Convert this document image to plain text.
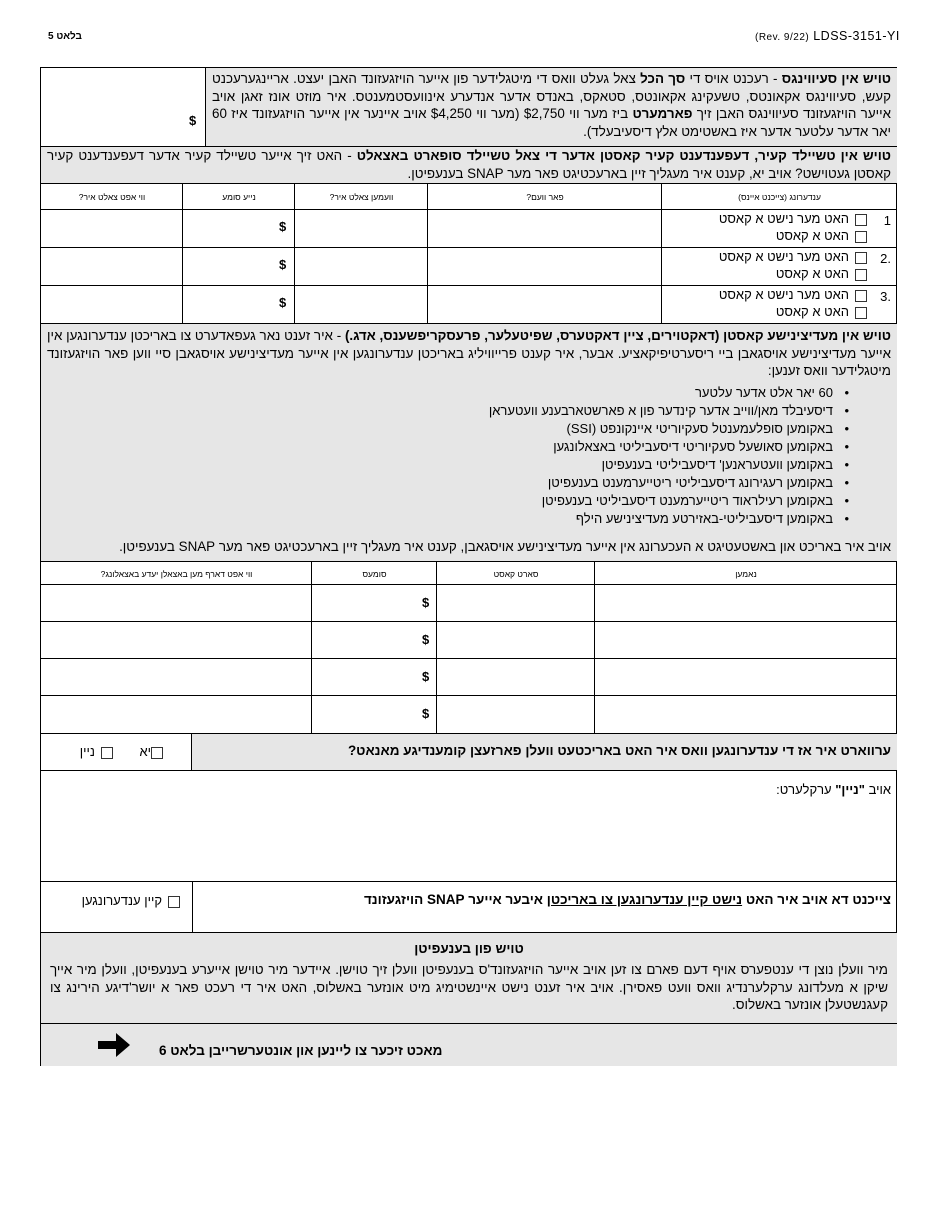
(Rev. 9/22) LDSS-3151-YI
בלאט 5
טויש אין סעיווינגס - רעכנט אויס די סך הכל צאל געלט וואס די מיטגלידער פון אייער הויזגעזונד האבן יעצט. אריינגערעכנט קעש, סעיווינגס אקאונטס, טשעקינג אקאונטס, סטאקס, באנדס אדער אנדערע אינוועסטמענטס. איר מוזט אונז זאגן אויב אייער הויזגעזונד סעיווינגס האבן זיך פארמערט ביז מער ווי $2,750 (מער ווי $4,250 אויב איינער אין אייער הויזגעזונד איז 60 יאר אדער עלטער אדער איז באשטימט אלץ דיסעיבעלד).
$
טויש אין טשיילד קעיר, דעפענדענט קעיר קאסטן אדער די צאל טשיילד סופארט באצאלט - האט זיך אייער טשיילד קעיר אדער דעפענדענט קעיר קאסטן געטוישט? אויב יא, קענט איר מעגליך זיין בארעכטיגט פאר מער SNAP בענעפיטן.
ענדערונג (צייכנט איינס)
פאר וועם?
וועמען צאלט איר?
נייע סומע
ווי אפט צאלט איר?
1
האט מער נישט א קאסט
האט א קאסט
$
.2
האט מער נישט א קאסט
האט א קאסט
$
.3
האט מער נישט א קאסט
האט א קאסט
$
טויש אין מעדיצינישע קאסטן (דאקטוירים, ציין דאקטערס, שפיטעלער, פרעסקריפשענס, אדג.) - איר זענט נאר געפאדערט צו באריכטן ענדערונגען אין אייער מעדיצינישע אויסגאבן ביי ריסערטיפיקאציע. אבער, איר קענט פרייוויליג באריכטן ענדערונגען אין אייער מעדיצינישע אויסגאבן סיי ווען פאר הויזגעזונד מיטגלידער וואס זענען:
• 60 יאר אלט אדער עלטער
• דיסעיבלד מאן/ווייב אדער קינדער פון א פארשטארבענע וועטעראן
• באקומען סופלעמענטל סעקיוריטי איינקונפט (SSI)
• באקומען סאושעל סעקיוריטי דיסעביליטי באצאלונגען
• באקומען וועטעראנען' דיסעביליטי בענעפיטן
• באקומען רעגירונג דיסעביליטי ריטייערמענט בענעפיטן
• באקומען רעילראוד ריטייערמענט דיסעביליטי בענעפיטן
• באקומען דיסעביליטי-באזירטע מעדיצינישע הילף
אויב איר באריכט און באשטעטיגט א העכערונג אין אייער מעדיצינישע אויסגאבן, קענט איר מעגליך זיין בארעכטיגט פאר מער SNAP בענעפיטן.
נאמען
סארט קאסט
סומעס
ווי אפט דארף מען באצאלן יעדע באצאלונג?
$
$
$
$
ערווארט איר אז די ענדערונגען וואס איר האט באריכטעט וועלן פארזעצן קומענדיגע מאנאט?
יא
ניין
אויב "ניין" ערקלערט:
צייכנט דא אויב איר האט נישט קיין ענדערונגען צו באריכטן איבער אייער SNAP הויזגעזונד
קיין ענדערונגען
טויש פון בענעפיטן
מיר וועלן נוצן די ענטפערס אויף דעם פארם צו זען אויב אייער הויזגעזונד'ס בענעפיטן וועלן זיך טוישן. איידער מיר טוישן אייערע בענעפיטן, וועלן מיר אייך שיקן א מעלדונג ערקלערנדיג וואס וועט פאסירן. אויב איר זענט נישט איינשטימיג מיט אונזער באשלוס, האט איר די רעכט פאר א יושר'דיגע הירינג צו קעגנשטעלן אונזער באשלוס.
מאכט זיכער צו ליינען און אונטערשרייבן בלאט 6
